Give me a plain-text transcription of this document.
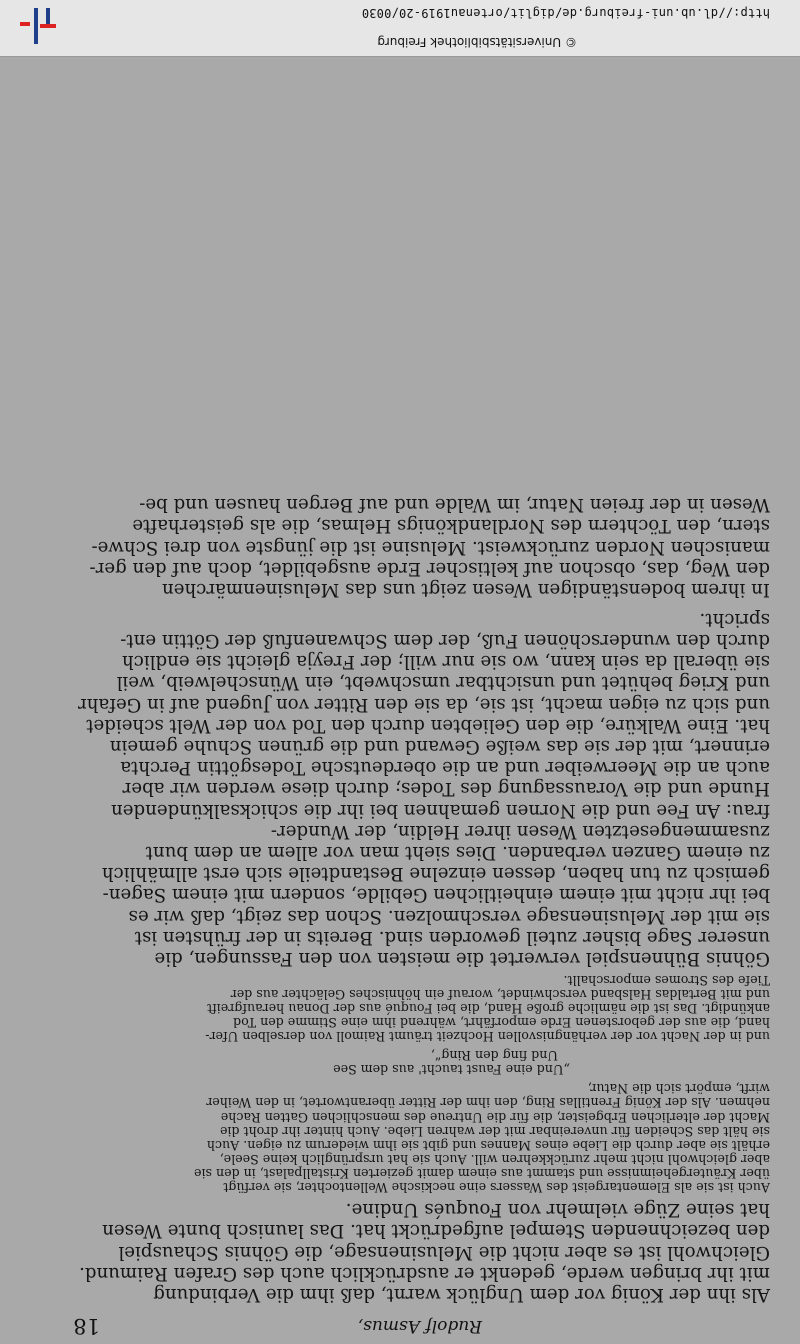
18	Rudolf Asmus,
Als ihn der König vor dem Unglück warnt, daß ihm die Verbindung
mit ihr bringen werde, gedenkt er ausdrücklich auch des Grafen Raimund.
Gleichwohl ist es aber nicht die Melusinensage, die Göhnis Schauspiel
den bezeichnenden Stempel aufgedrückt hat. Das launisch bunte Wesen
hat seine Züge vielmehr von Fouqués Undine.
Auch ist sie als Elementargeist des Wassers eine neckische Wellentochter, sie verfügt
über Kräutergeheimnisse und stammt aus einem damit gezierten Kristallpalast, in den sie
aber gleichwohl nicht mehr zurückkehren will. Auch sie hat ursprünglich keine Seele,
erhält sie aber durch die Liebe eines Mannes und gibt sie ihm wiederum zu eigen. Auch
sie hält das Scheiden für unvereinbar mit der wahren Liebe. Auch hinter ihr droht die
Macht der elterlichen Erbgeister, die für die Untreue des menschlichen Gatten Rache
nehmen. Als der König Frentillas Ring, den ihm der Ritter überantwortet, in den Weiher
wirft, empört sich die Natur,
„Und eine Faust taucht' aus dem See
Und fing den Ring“,
und in der Nacht vor der verhängnisvollen Hochzeit träumt Raimoll von derselben Ufer-
hand, die aus der geborstenen Erde emporfährt, während ihm eine Stimme den Tod
ankündigt. Das ist die nämliche große Hand, die bei Fouqué aus der Donau heraufgreift
und mit Bertaldas Halsband verschwindet, worauf ein höhnisches Gelächter aus der
Tiefe des Stromes emporschallt.
Göhnis Bühnenspiel verwertet die meisten von den Fassungen, die
unserer Sage bisher zuteil geworden sind. Bereits in der frühsten ist
sie mit der Melusinensage verschmolzen. Schon das zeigt, daß wir es
bei ihr nicht mit einem einheitlichen Gebilde, sondern mit einem Sagen-
gemisch zu tun haben, dessen einzelne Bestandteile sich erst allmählich
zu einem Ganzen verbanden. Dies sieht man vor allem an dem bunt
zusammengesetzten Wesen ihrer Heldin, der Wunder-
frau: An Fee und die Nornen gemahnen bei ihr die schicksalkündenden
Hunde und die Voraussagung des Todes; durch diese werden wir aber
auch an die Meerweiber und an die oberdeutsche Todesgöttin Perchta
erinnert, mit der sie das weiße Gewand und die grünen Schuhe gemein
hat. Eine Walküre, die den Geliebten durch den Tod von der Welt scheidet
und sich zu eigen macht, ist sie, da sie den Ritter von Jugend auf in Gefahr
und Krieg behütet und unsichtbar umschwebt, ein Wünschelweib, weil
sie überall da sein kann, wo sie nur will; der Freyja gleicht sie endlich
durch den wunderschönen Fuß, der dem Schwanenfuß der Göttin ent-
spricht.
In ihrem bodenständigen Wesen zeigt uns das Melusinenmärchen
den Weg, das, obschon auf keltischer Erde ausgebildet, doch auf den ger-
manischen Norden zurückweist. Melusine ist die jüngste von drei Schwe-
stern, den Töchtern des Nordlandkönigs Helmas, die als geisterhafte
Wesen in der freien Natur, im Walde und auf Bergen hausen und be-
© Universitätsbibliothek Freiburg
http://dl.ub.uni-freiburg.de/diglit/ortenau1919-20/0030
